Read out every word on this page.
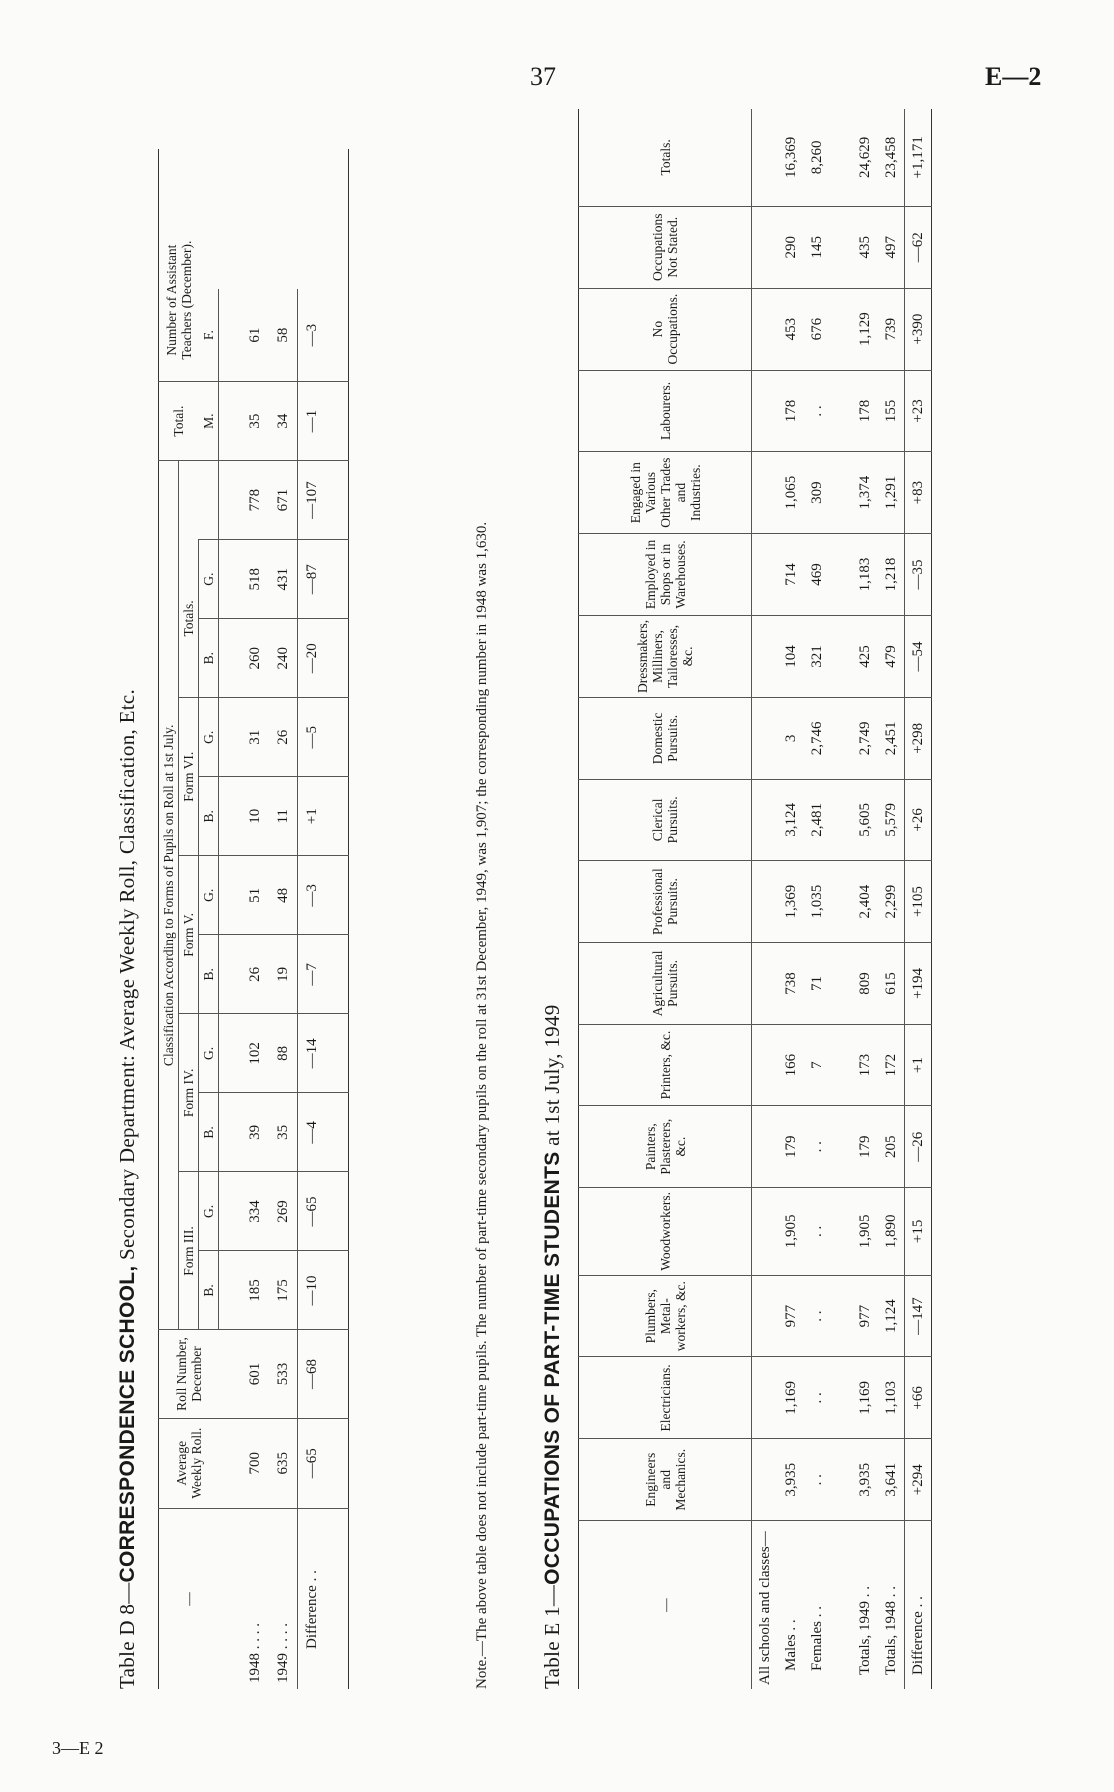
37	E—2
3—E 2
Table D 8—CORRESPONDENCE SCHOOL, Secondary Department: Average Weekly Roll, Classification, Etc.
—	Average Weekly Roll.	Roll Number, December	Classification According to Forms of Pupils on Roll at 1st July.											Total.	Number of Assistant Teachers (December).
			Form III.		Form IV.		Form V.		Form VI.		Totals.				
			B.	G.	B.	G.	B.	G.	B.	G.	B.	G.		M.	F.

1948 . . . .	700	601	185	334	39	102	26	51	10	31	260	518	778	35	61
1949 . . . .	635	533	175	269	35	88	19	48	11	26	240	431	671	34	58
Difference . .	—65	—68	—10	—65	—4	—14	—7	—3	+1	—5	—20	—87	—107	—1	—3

Note.—The above table does not include part-time pupils. The number of part-time secondary pupils on the roll at 31st December, 1949, was 1,907; the corresponding number in 1948 was 1,630. Table E 1—OCCUPATIONS OF PART-TIME STUDENTS at 1st July, 1949
—	Engineers and Mechanics.	Electricians.	Plumbers, Metal-workers, &c.	Woodworkers.	Painters, Plasterers, &c.	Printers, &c.	Agricultural Pursuits.	Professional Pursuits.	Clerical Pursuits.	Domestic Pursuits.	Dressmakers, Milliners, Tailoresses, &c.	Employed in Shops or in Warehouses.	Engaged in Various Other Trades and Industries.	Labourers.	No Occupations.	Occupations Not Stated.	Totals.
All schools and classes—																	
Males . .	3,935	1,169	977	1,905	179	166	738	1,369	3,124	3	104	714	1,065	178	453	290	16,369
Females . .	. .	. .	. .	. .	. .	7	71	1,035	2,481	2,746	321	469	309	. .	676	145	8,260

Totals, 1949 . .	3,935	1,169	977	1,905	179	173	809	2,404	5,605	2,749	425	1,183	1,374	178	1,129	435	24,629
Totals, 1948 . .	3,641	1,103	1,124	1,890	205	172	615	2,299	5,579	2,451	479	1,218	1,291	155	739	497	23,458
Difference . .	+294	+66	—147	+15	—26	+1	+194	+105	+26	+298	—54	—35	+83	+23	+390	—62	+1,171
